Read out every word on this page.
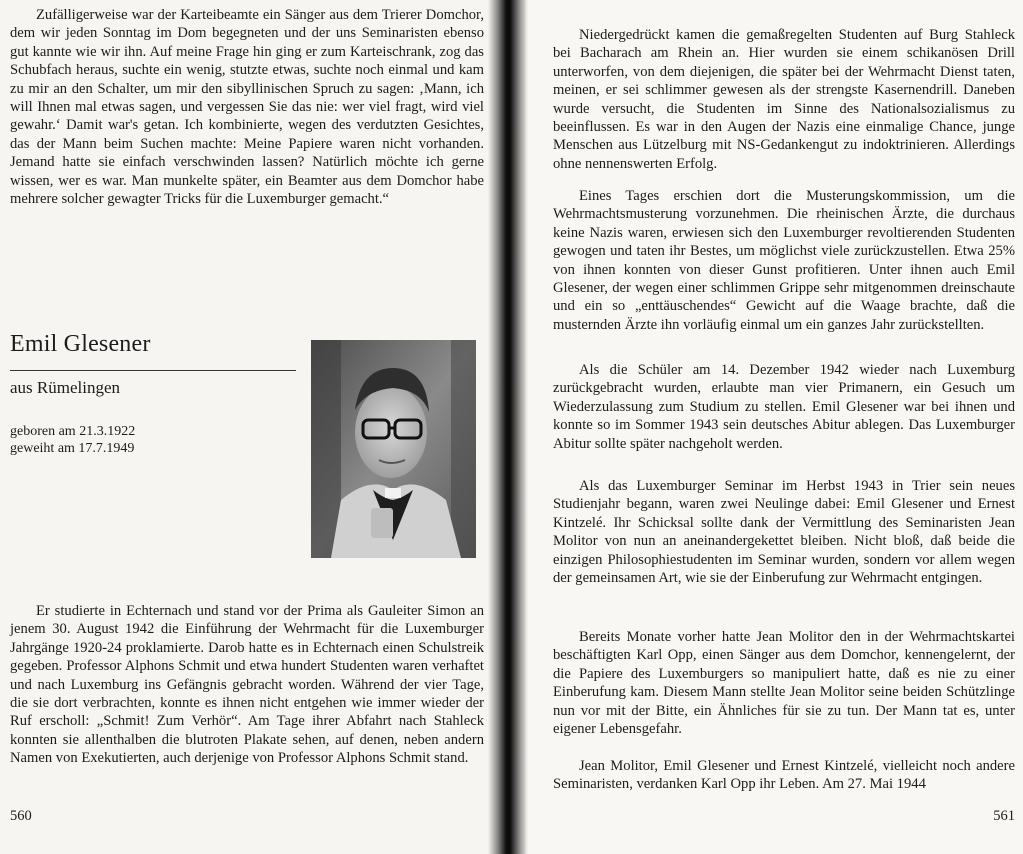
Zufälligerweise war der Karteibeamte ein Sänger aus dem Trierer Domchor, dem wir jeden Sonntag im Dom begegneten und der uns Seminaristen ebenso gut kannte wie wir ihn. Auf meine Frage hin ging er zum Karteischrank, zog das Schubfach heraus, suchte ein wenig, stutzte etwas, suchte noch einmal und kam zu mir an den Schalter, um mir den sibyllinischen Spruch zu sagen: ‚Mann, ich will Ihnen mal etwas sagen, und vergessen Sie das nie: wer viel fragt, wird viel gewahr.‘ Damit war's getan. Ich kombinierte, wegen des verdutzten Gesichtes, das der Mann beim Suchen machte: Meine Papiere waren nicht vorhanden. Jemand hatte sie einfach verschwinden lassen? Natürlich möchte ich gerne wissen, wer es war. Man munkelte später, ein Beamter aus dem Domchor habe mehrere solcher gewagter Tricks für die Luxemburger gemacht.“

Emil Glesener

aus Rümelingen

geboren am 21.3.1922
geweiht am 17.7.1949

Er studierte in Echternach und stand vor der Prima als Gauleiter Simon an jenem 30. August 1942 die Einführung der Wehrmacht für die Luxemburger Jahrgänge 1920-24 proklamierte. Darob hatte es in Echternach einen Schulstreik gegeben. Professor Alphons Schmit und etwa hundert Studenten waren verhaftet und nach Luxemburg ins Gefängnis gebracht worden. Während der vier Tage, die sie dort verbrachten, konnte es ihnen nicht entgehen wie immer wieder der Ruf erscholl: „Schmit! Zum Verhör“. Am Tage ihrer Abfahrt nach Stahleck konnten sie allenthalben die blutroten Plakate sehen, auf denen, neben andern Namen von Exekutierten, auch derjenige von Professor Alphons Schmit stand.

560

Niedergedrückt kamen die gemaßregelten Studenten auf Burg Stahleck bei Bacharach am Rhein an. Hier wurden sie einem schikanösen Drill unterworfen, von dem diejenigen, die später bei der Wehrmacht Dienst taten, meinen, er sei schlimmer gewesen als der strengste Kasernendrill. Daneben wurde versucht, die Studenten im Sinne des Nationalsozialismus zu beeinflussen. Es war in den Augen der Nazis eine einmalige Chance, junge Menschen aus Lützelburg mit NS-Gedankengut zu indoktrinieren. Allerdings ohne nennenswerten Erfolg.

Eines Tages erschien dort die Musterungskommission, um die Wehrmachtsmusterung vorzunehmen. Die rheinischen Ärzte, die durchaus keine Nazis waren, erwiesen sich den Luxemburger revoltierenden Studenten gewogen und taten ihr Bestes, um möglichst viele zurückzustellen. Etwa 25% von ihnen konnten von dieser Gunst profitieren. Unter ihnen auch Emil Glesener, der wegen einer schlimmen Grippe sehr mitgenommen dreinschaute und ein so „enttäuschendes“ Gewicht auf die Waage brachte, daß die musternden Ärzte ihn vorläufig einmal um ein ganzes Jahr zurückstellten.

Als die Schüler am 14. Dezember 1942 wieder nach Luxemburg zurückgebracht wurden, erlaubte man vier Primanern, ein Gesuch um Wiederzulassung zum Studium zu stellen. Emil Glesener war bei ihnen und konnte so im Sommer 1943 sein deutsches Abitur ablegen. Das Luxemburger Abitur sollte später nachgeholt werden.

Als das Luxemburger Seminar im Herbst 1943 in Trier sein neues Studienjahr begann, waren zwei Neulinge dabei: Emil Glesener und Ernest Kintzelé. Ihr Schicksal sollte dank der Vermittlung des Seminaristen Jean Molitor von nun an aneinandergekettet bleiben. Nicht bloß, daß beide die einzigen Philosophiestudenten im Seminar wurden, sondern vor allem wegen der gemeinsamen Art, wie sie der Einberufung zur Wehrmacht entgingen.

Bereits Monate vorher hatte Jean Molitor den in der Wehrmachtskartei beschäftigten Karl Opp, einen Sänger aus dem Domchor, kennengelernt, der die Papiere des Luxemburgers so manipuliert hatte, daß es nie zu einer Einberufung kam. Diesem Mann stellte Jean Molitor seine beiden Schützlinge nun vor mit der Bitte, ein Ähnliches für sie zu tun. Der Mann tat es, unter eigener Lebensgefahr.

Jean Molitor, Emil Glesener und Ernest Kintzelé, vielleicht noch andere Seminaristen, verdanken Karl Opp ihr Leben. Am 27. Mai 1944

561
